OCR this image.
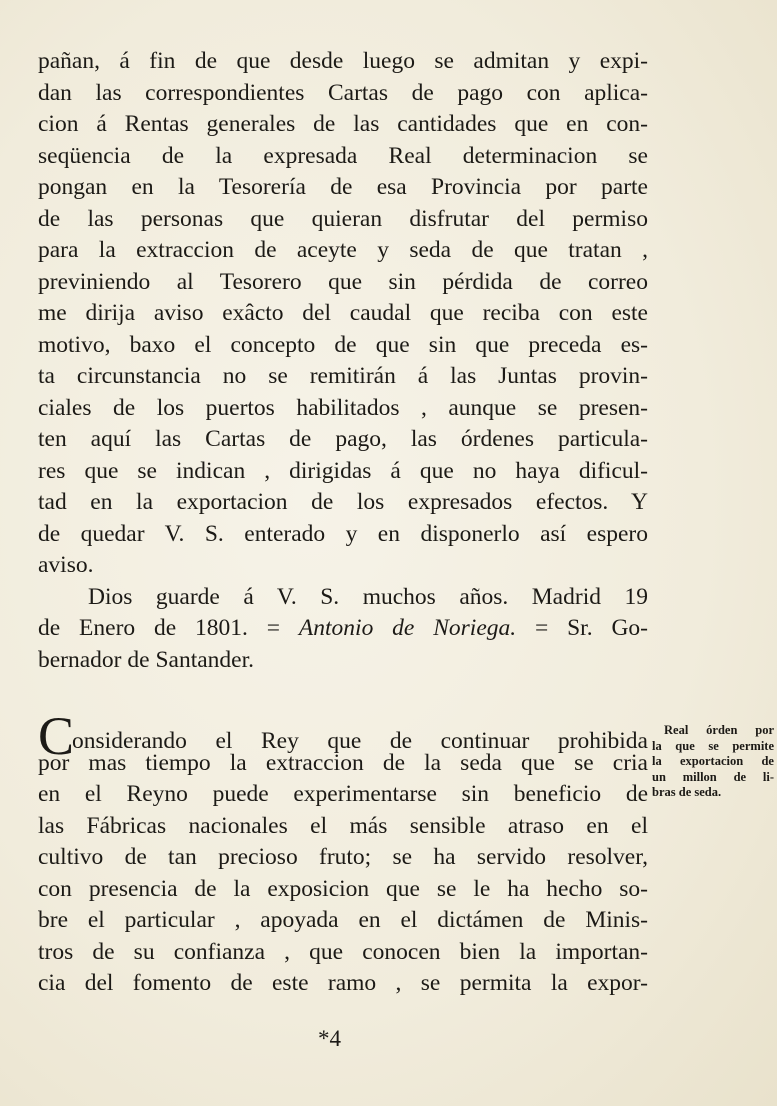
pañan, á fin de que desde luego se admitan y expi-
dan las correspondientes Cartas de pago con aplica-
cion á Rentas generales de las cantidades que en con-
seqüencia de la expresada Real determinacion se
pongan en la Tesorería de esa Provincia por parte
de las personas que quieran disfrutar del permiso
para la extraccion de aceyte y seda de que tratan ,
previniendo al Tesorero que sin pérdida de correo
me dirija aviso exâcto del caudal que reciba con este
motivo, baxo el concepto de que sin que preceda es-
ta circunstancia no se remitirán á las Juntas provin-
ciales de los puertos habilitados , aunque se presen-
ten aquí las Cartas de pago, las órdenes particula-
res que se indican , dirigidas á que no haya dificul-
tad en la exportacion de los expresados efectos. Y
de quedar V. S. enterado y en disponerlo así espero
aviso.
Dios guarde á V. S. muchos años. Madrid 19
de Enero de 1801. = Antonio de Noriega. = Sr. Go-
bernador de Santander.
Considerando el Rey que de continuar prohibida
por mas tiempo la extraccion de la seda que se cria
en el Reyno puede experimentarse sin beneficio de
las Fábricas nacionales el más sensible atraso en el
cultivo de tan precioso fruto; se ha servido resolver,
con presencia de la exposicion que se le ha hecho so-
bre el particular , apoyada en el dictámen de Minis-
tros de su confianza , que conocen bien la importan-
cia del fomento de este ramo , se permita la expor-
Real órden por
la que se permite
la exportacion de
un millon de li-
bras de seda.
*4
